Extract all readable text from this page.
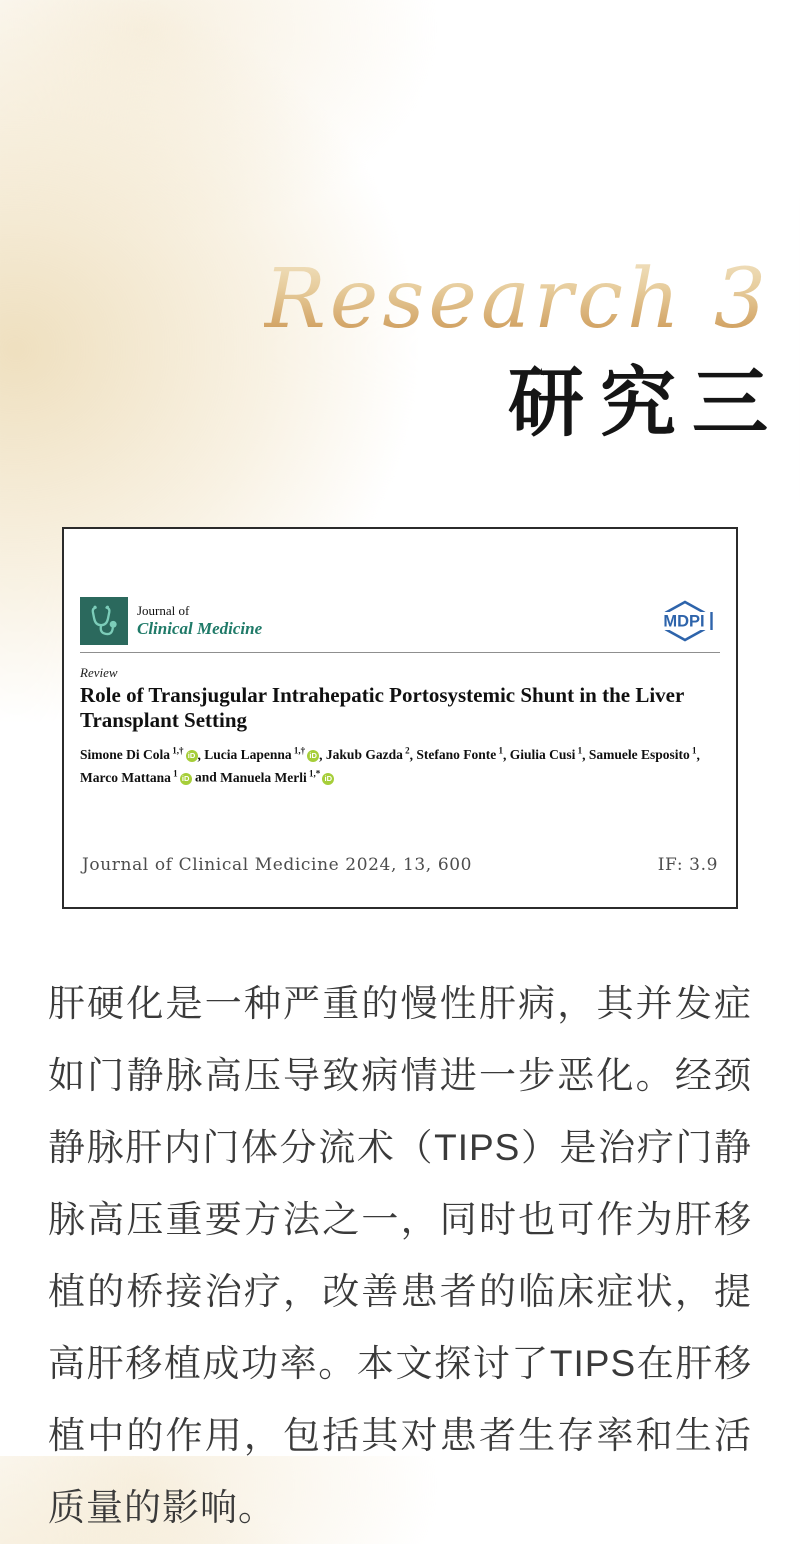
Research 3
研究三
Journal of
Clinical Medicine	MDPI
Review
Role of Transjugular Intrahepatic Portosystemic Shunt in the Liver Transplant Setting

Simone Di Cola $^{1,\dagger}$ iD , Lucia Lapenna $^{1,\dagger}$ iD , Jakub Gazda $^2$, Stefano Fonte $^1$, Giulia Cusi $^1$, Samuele Esposito $^1$, Marco Mattana $^1$ iD and Manuela Merli $^{1,*}$ iD

Journal of Clinical Medicine 2024, 13, 600	IF: 3.9

肝硬化是一种严重的慢性肝病，其并发症如门静脉高压导致病情进一步恶化。经颈静脉肝内门体分流术（TIPS）是治疗门静脉高压重要方法之一，同时也可作为肝移植的桥接治疗，改善患者的临床症状，提高肝移植成功率。本文探讨了TIPS在肝移植中的作用，包括其对患者生存率和生活质量的影响。
